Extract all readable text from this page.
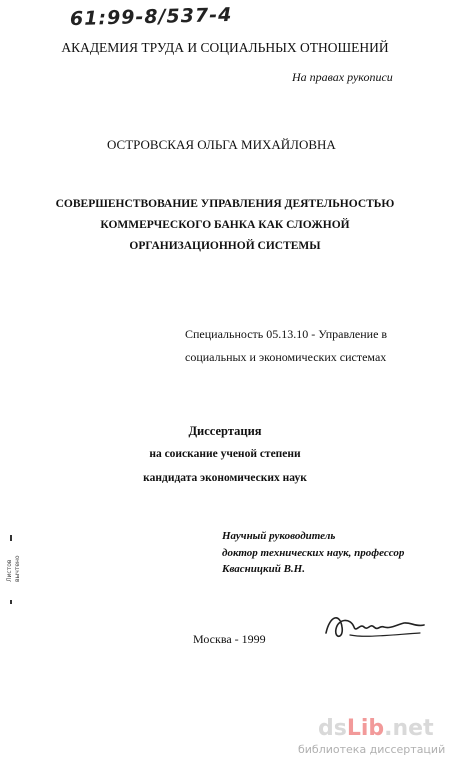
61:99-8/537-4
АКАДЕМИЯ ТРУДА И СОЦИАЛЬНЫХ ОТНОШЕНИЙ
На правах рукописи
ОСТРОВСКАЯ ОЛЬГА МИХАЙЛОВНА
СОВЕРШЕНСТВОВАНИЕ УПРАВЛЕНИЯ ДЕЯТЕЛЬНОСТЬЮ
КОММЕРЧЕСКОГО БАНКА КАК СЛОЖНОЙ
ОРГАНИЗАЦИОННОЙ СИСТЕМЫ
Специальность 05.13.10 - Управление в
социальных и экономических системах
Диссертация
на соискание ученой степени
кандидата экономических наук
Научный руководитель
доктор технических наук, профессор
Квасницкий В.Н.
Листов вычтено
Москва - 1999
dsLib.net
библиотека диссертаций
